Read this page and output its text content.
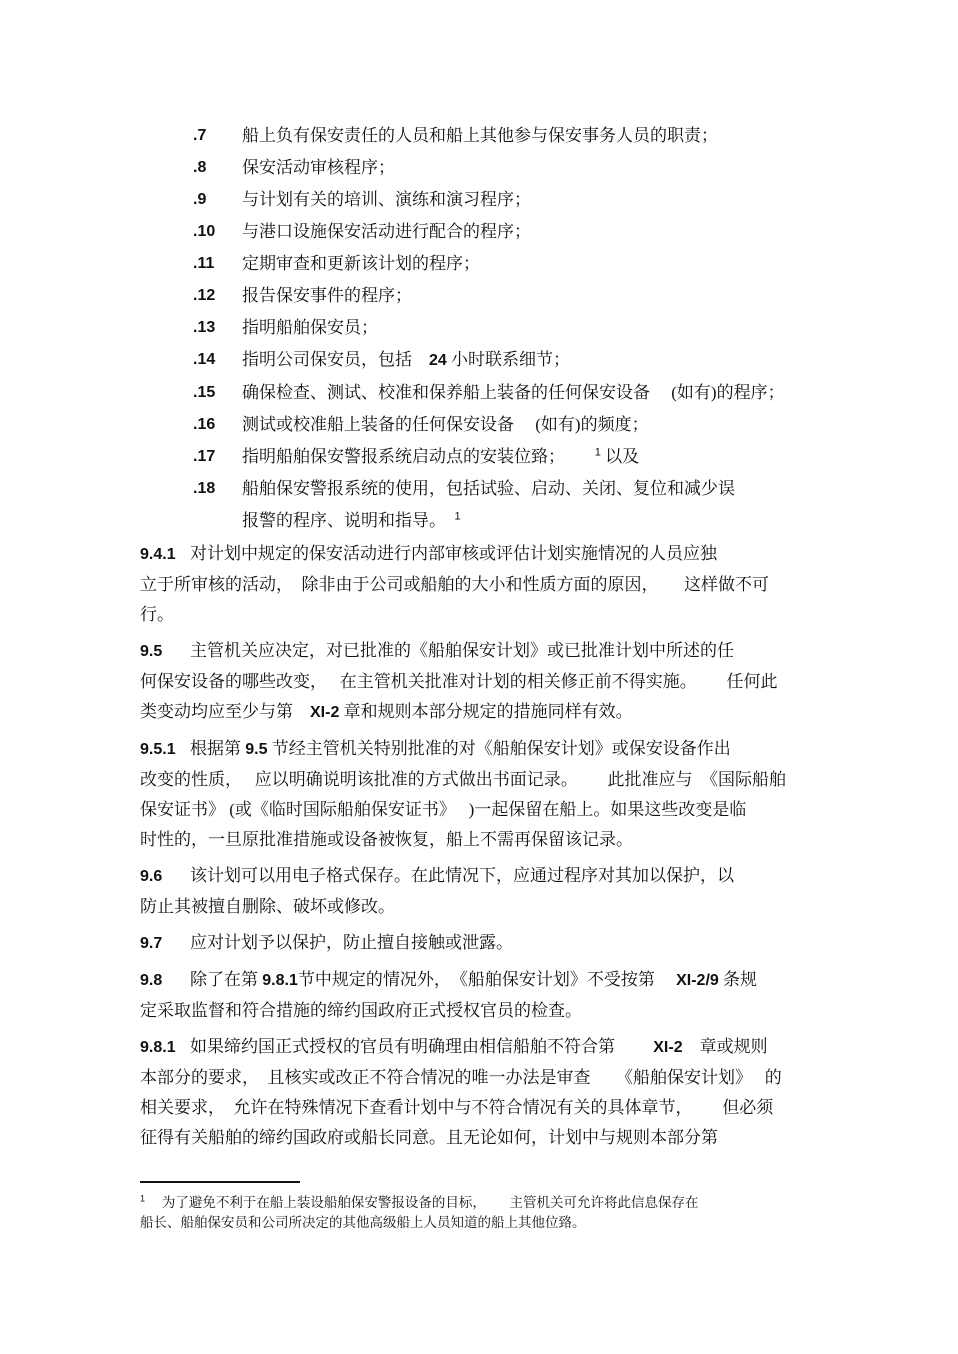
.7	船上负有保安责任的人员和船上其他参与保安事务人员的职责；
.8	保安活动审核程序；
.9	与计划有关的培训、演练和演习程序；
.10	与港口设施保安活动进行配合的程序；
.11	定期审查和更新该计划的程序；
.12	报告保安事件的程序；
.13	指明船舶保安员；
.14	指明公司保安员，包括　24 小时联系细节；
.15	确保检查、测试、校准和保养船上装备的任何保安设备　 (如有)的程序；
.16	测试或校准船上装备的任何保安设备　 (如有)的频度；
.17	指明船舶保安警报系统启动点的安装位臵；　　 $^1$ 以及
.18	船舶保安警报系统的使用，包括试验、启动、关闭、复位和减少误
报警的程序、说明和指导。　$^1$
9.4.1 对计划中规定的保安活动进行内部审核或评估计划实施情况的人员应独
立于所审核的活动，　除非由于公司或船舶的大小和性质方面的原因，　　这样做不可
行。
9.5 主管机关应决定，对已批准的《船舶保安计划》或已批准计划中所述的任
何保安设备的哪些改变，　 在主管机关批准对计划的相关修正前不得实施。　　 任何此
类变动均应至少与第　XI-2 章和规则本部分规定的措施同样有效。
9.5.1 根据第 9.5 节经主管机关特别批准的对《船舶保安计划》或保安设备作出
改变的性质，　 应以明确说明该批准的方式做出书面记录。　　 此批准应与　《国际船舶
保安证书》 (或《临时国际船舶保安证书》　 )一起保留在船上。如果这些改变是临
时性的，一旦原批准措施或设备被恢复，船上不需再保留该记录。
9.6 该计划可以用电子格式保存。在此情况下，应通过程序对其加以保护，以
防止其被擅自删除、破坏或修改。
9.7 应对计划予以保护，防止擅自接触或泄露。
9.8 除了在第 9.8.1节中规定的情况外，　《船舶保安计划》不受按第　 XI-2/9 条规
定采取监督和符合措施的缔约国政府正式授权官员的检查。
9.8.1 如果缔约国正式授权的官员有明确理由相信船舶不符合第　　 XI-2　章或规则
本部分的要求，　且核实或改正不符合情况的唯一办法是审查　　《船舶保安计划》　 的
相关要求，　允许在特殊情况下查看计划中与不符合情况有关的具体章节，　　 但必须
征得有关船舶的缔约国政府或船长同意。且无论如何，计划中与规则本部分第
$^1$　 为了避免不利于在船上装设船舶保安警报设备的目标，　　 主管机关可允许将此信息保存在
船长、船舶保安员和公司所决定的其他高级船上人员知道的船上其他位臵。
